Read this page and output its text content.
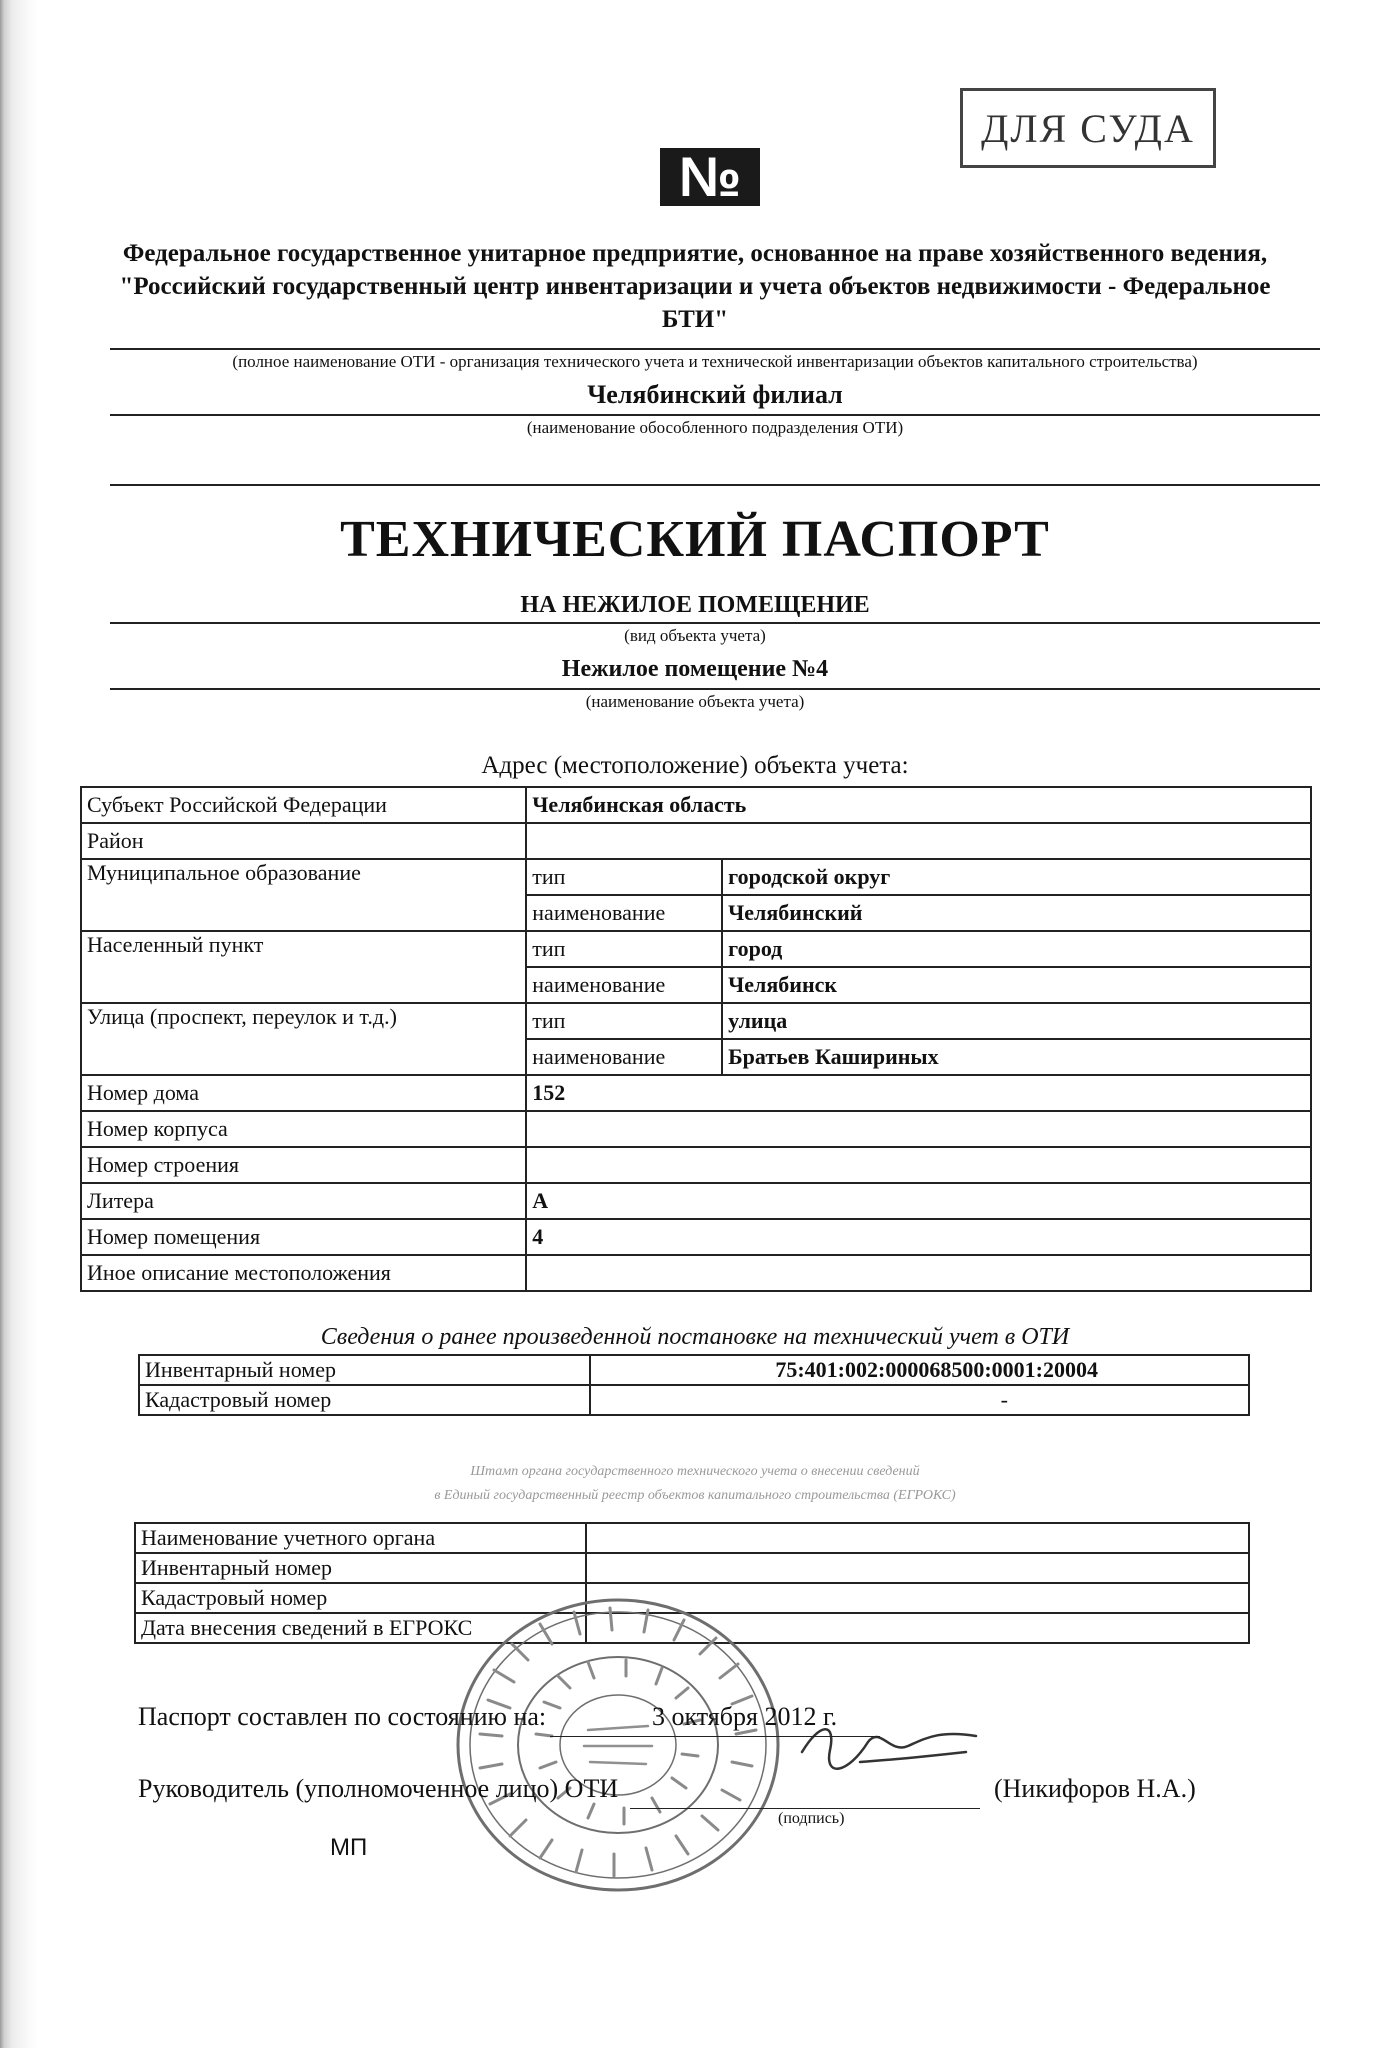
ДЛЯ СУДА
№
Федеральное государственное унитарное предприятие, основанное на праве хозяйственного ведения, "Российский государственный центр инвентаризации и учета объектов недвижимости - Федеральное БТИ"
(полное наименование ОТИ - организация технического учета и технической инвентаризации объектов капитального строительства)
Челябинский филиал
(наименование обособленного подразделения ОТИ)
ТЕХНИЧЕСКИЙ ПАСПОРТ
НА НЕЖИЛОЕ ПОМЕЩЕНИЕ
(вид объекта учета)
Нежилое помещение №4
(наименование объекта учета)
Адрес (местоположение) объекта учета:
Субъект Российской Федерации	Челябинская область	
Район		
Муниципальное образование	тип	городской округ
	наименование	Челябинский
Населенный пункт	тип	город
	наименование	Челябинск
Улица (проспект, переулок и т.д.)	тип	улица
	наименование	Братьев Кашириных
Номер дома	152	
Номер корпуса		
Номер строения		
Литера	А	
Номер помещения	4	
Иное описание местоположения		
Сведения о ранее произведенной постановке на технический учет в ОТИ
Инвентарный номер	75:401:002:000068500:0001:20004
Кадастровый номер	-
Штамп органа государственного технического учета о внесении сведений
в Единый государственный реестр объектов капитального строительства (ЕГРОКС)
Наименование учетного органа	
Инвентарный номер	
Кадастровый номер	
Дата внесения сведений в ЕГРОКС	
Паспорт составлен по состоянию на:	3 октября 2012 г.
Руководитель (уполномоченное лицо) ОТИ	(Никифоров Н.А.)
(подпись)
МП
